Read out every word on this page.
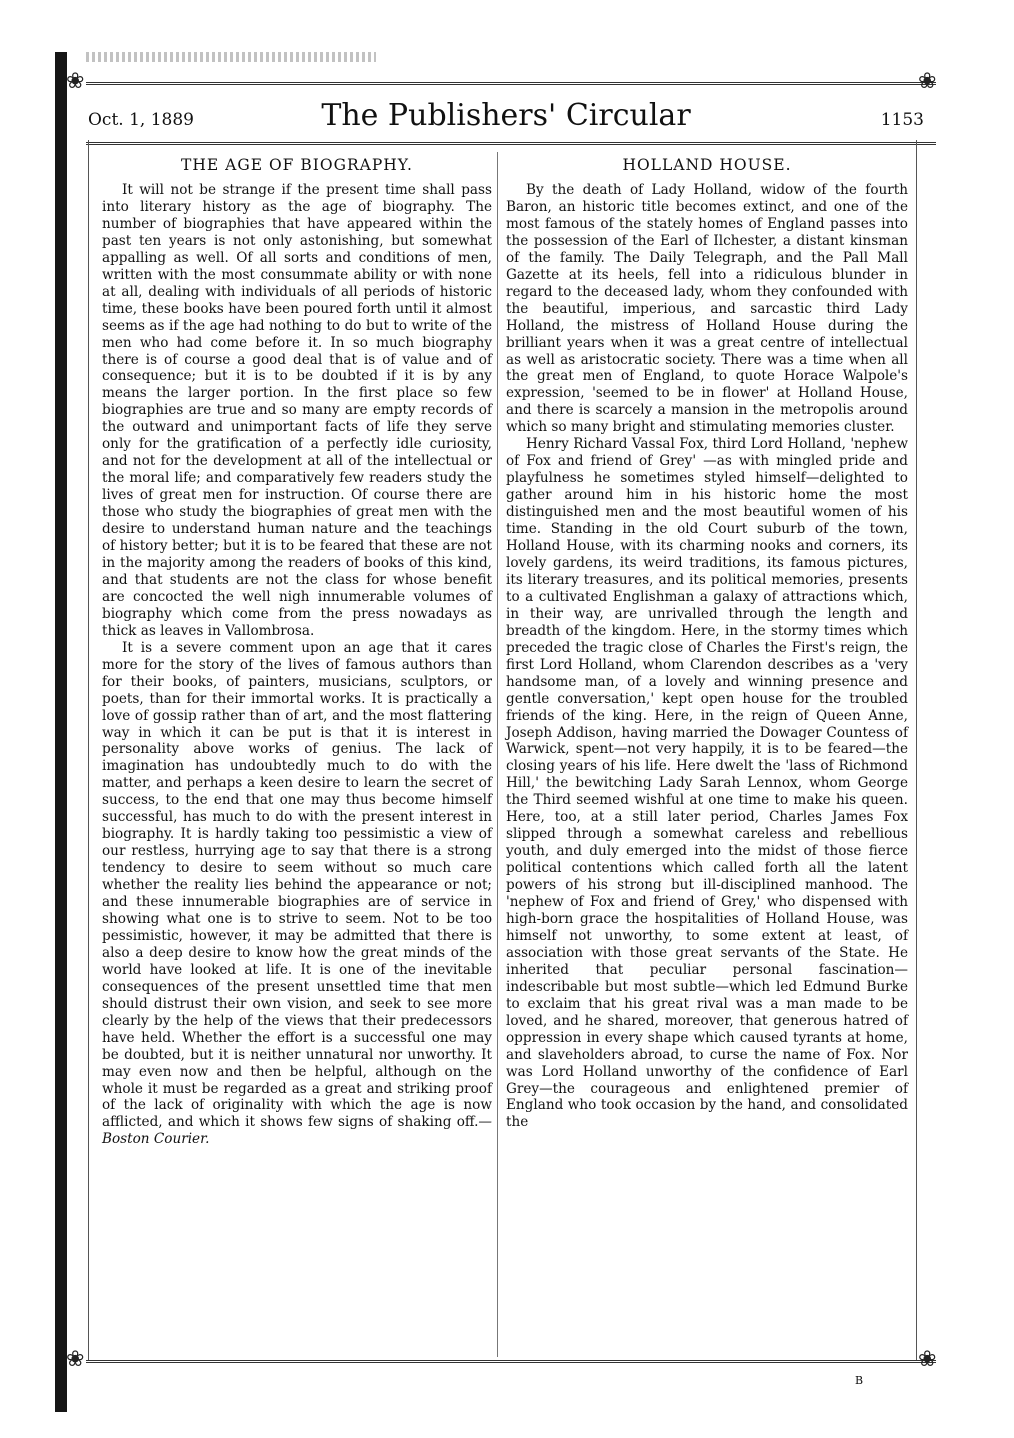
❀	❀
Oct. 1, 1889	The Publishers' Circular	1153
THE AGE OF BIOGRAPHY.

It will not be strange if the present time shall pass into literary history as the age of biography. The number of biographies that have appeared within the past ten years is not only astonishing, but somewhat appalling as well. Of all sorts and conditions of men, written with the most consummate ability or with none at all, dealing with individuals of all periods of historic time, these books have been poured forth until it almost seems as if the age had nothing to do but to write of the men who had come before it. In so much biography there is of course a good deal that is of value and of consequence; but it is to be doubted if it is by any means the larger portion. In the first place so few biographies are true and so many are empty records of the outward and unimportant facts of life they serve only for the gratification of a perfectly idle curiosity, and not for the development at all of the intellectual or the moral life; and comparatively few readers study the lives of great men for instruction. Of course there are those who study the biographies of great men with the desire to understand human nature and the teachings of history better; but it is to be feared that these are not in the majority among the readers of books of this kind, and that students are not the class for whose benefit are concocted the well nigh innumerable volumes of biography which come from the press nowadays as thick as leaves in Vallombrosa.

It is a severe comment upon an age that it cares more for the story of the lives of famous authors than for their books, of painters, musicians, sculptors, or poets, than for their immortal works. It is practically a love of gossip rather than of art, and the most flattering way in which it can be put is that it is interest in personality above works of genius. The lack of imagination has undoubtedly much to do with the matter, and perhaps a keen desire to learn the secret of success, to the end that one may thus become himself successful, has much to do with the present interest in biography. It is hardly taking too pessimistic a view of our restless, hurrying age to say that there is a strong tendency to desire to seem without so much care whether the reality lies behind the appearance or not; and these innumerable biographies are of service in showing what one is to strive to seem. Not to be too pessimistic, however, it may be admitted that there is also a deep desire to know how the great minds of the world have looked at life. It is one of the inevitable consequences of the present unsettled time that men should distrust their own vision, and seek to see more clearly by the help of the views that their predecessors have held. Whether the effort is a successful one may be doubted, but it is neither unnatural nor unworthy. It may even now and then be helpful, although on the whole it must be regarded as a great and striking proof of the lack of originality with which the age is now afflicted, and which it shows few signs of shaking off.—Boston Courier.

HOLLAND HOUSE.

By the death of Lady Holland, widow of the fourth Baron, an historic title becomes extinct, and one of the most famous of the stately homes of England passes into the possession of the Earl of Ilchester, a distant kinsman of the family. The Daily Telegraph, and the Pall Mall Gazette at its heels, fell into a ridiculous blunder in regard to the deceased lady, whom they confounded with the beautiful, imperious, and sarcastic third Lady Holland, the mistress of Holland House during the brilliant years when it was a great centre of intellectual as well as aristocratic society. There was a time when all the great men of England, to quote Horace Walpole's expression, 'seemed to be in flower' at Holland House, and there is scarcely a mansion in the metropolis around which so many bright and stimulating memories cluster.

Henry Richard Vassal Fox, third Lord Holland, 'nephew of Fox and friend of Grey' —as with mingled pride and playfulness he sometimes styled himself—delighted to gather around him in his historic home the most distinguished men and the most beautiful women of his time. Standing in the old Court suburb of the town, Holland House, with its charming nooks and corners, its lovely gardens, its weird traditions, its famous pictures, its literary treasures, and its political memories, presents to a cultivated Englishman a galaxy of attractions which, in their way, are unrivalled through the length and breadth of the kingdom. Here, in the stormy times which preceded the tragic close of Charles the First's reign, the first Lord Holland, whom Clarendon describes as a 'very handsome man, of a lovely and winning presence and gentle conversation,' kept open house for the troubled friends of the king. Here, in the reign of Queen Anne, Joseph Addison, having married the Dowager Countess of Warwick, spent—not very happily, it is to be feared—the closing years of his life. Here dwelt the 'lass of Richmond Hill,' the bewitching Lady Sarah Lennox, whom George the Third seemed wishful at one time to make his queen. Here, too, at a still later period, Charles James Fox slipped through a somewhat careless and rebellious youth, and duly emerged into the midst of those fierce political contentions which called forth all the latent powers of his strong but ill-disciplined manhood. The 'nephew of Fox and friend of Grey,' who dispensed with high-born grace the hospitalities of Holland House, was himself not unworthy, to some extent at least, of association with those great servants of the State. He inherited that peculiar personal fascination—indescribable but most subtle—which led Edmund Burke to exclaim that his great rival was a man made to be loved, and he shared, moreover, that generous hatred of oppression in every shape which caused tyrants at home, and slaveholders abroad, to curse the name of Fox. Nor was Lord Holland unworthy of the confidence of Earl Grey—the courageous and enlightened premier of England who took occasion by the hand, and consolidated the

❀	❀
B
